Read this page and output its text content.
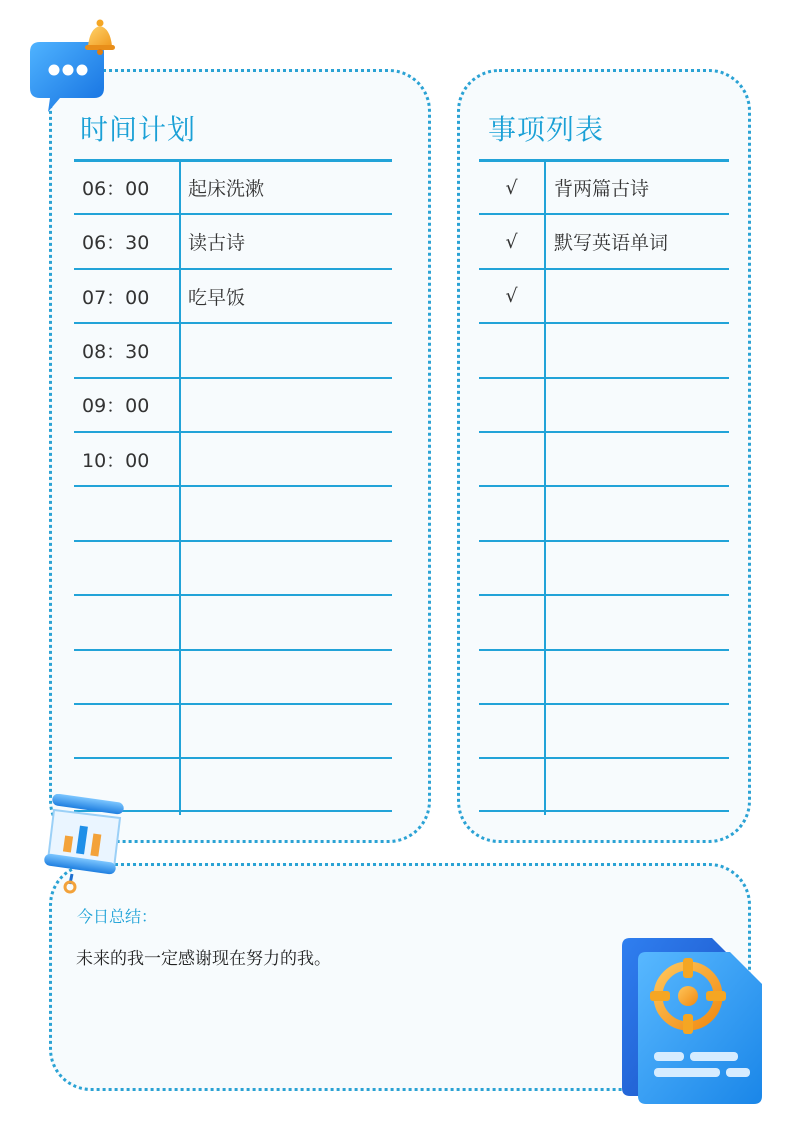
时间计划	事项列表
06：00	起床洗漱
06：30	读古诗
07：00	吃早饭
08：30
09：00
10：00
√	背两篇古诗
√	默写英语单词
√
今日总结：
未来的我一定感谢现在努力的我。
